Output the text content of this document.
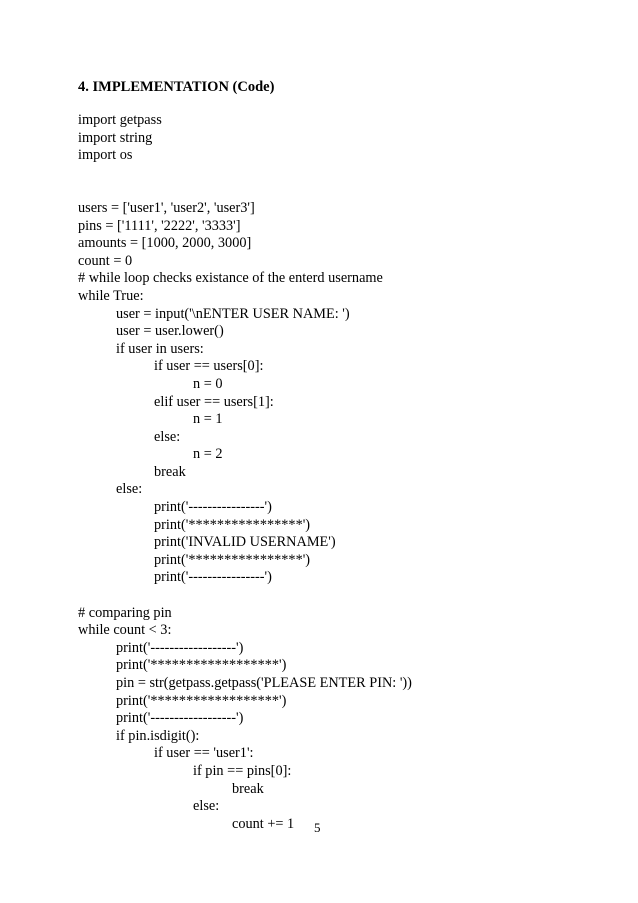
4. IMPLEMENTATION (Code)
import getpass
import string
import os
users = ['user1', 'user2', 'user3']
pins = ['1111', '2222', '3333']
amounts = [1000, 2000, 3000]
count = 0
# while loop checks existance of the enterd username
while True:
user = input('\nENTER USER NAME: ')
user = user.lower()
if user in users:
if user == users[0]:
n = 0
elif user == users[1]:
n = 1
else:
n = 2
break
else:
print('----------------')
print('****************')
print('INVALID USERNAME')
print('****************')
print('----------------')
# comparing pin
while count < 3:
print('------------------')
print('******************')
pin = str(getpass.getpass('PLEASE ENTER PIN: '))
print('******************')
print('------------------')
if pin.isdigit():
if user == 'user1':
if pin == pins[0]:
break
else:
count += 1	5
